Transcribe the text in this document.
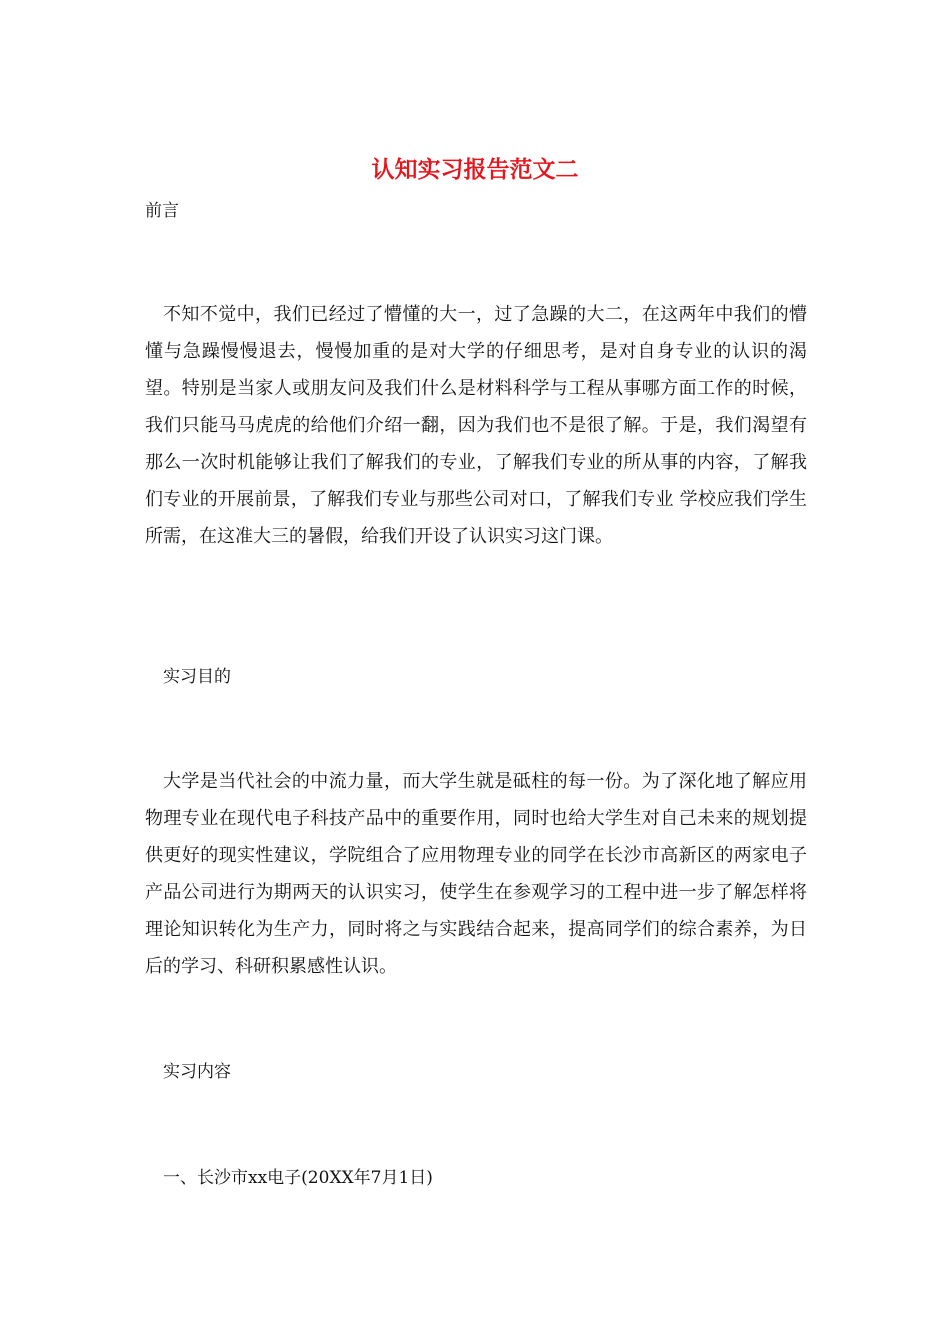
认知实习报告范文二

前言

不知不觉中，我们已经过了懵懂的大一，过了急躁的大二，在这两年中我们的懵懂与急躁慢慢退去，慢慢加重的是对大学的仔细思考，是对自身专业的认识的渴望。特别是当家人或朋友问及我们什么是材料科学与工程从事哪方面工作的时候，我们只能马马虎虎的给他们介绍一翻，因为我们也不是很了解。于是，我们渴望有那么一次时机能够让我们了解我们的专业，了解我们专业的所从事的内容，了解我们专业的开展前景，了解我们专业与那些公司对口，了解我们专业 学校应我们学生所需，在这准大三的暑假，给我们开设了认识实习这门课。

实习目的

大学是当代社会的中流力量，而大学生就是砥柱的每一份。为了深化地了解应用物理专业在现代电子科技产品中的重要作用，同时也给大学生对自己未来的规划提供更好的现实性建议，学院组合了应用物理专业的同学在长沙市高新区的两家电子产品公司进行为期两天的认识实习，使学生在参观学习的工程中进一步了解怎样将理论知识转化为生产力，同时将之与实践结合起来，提高同学们的综合素养，为日后的学习、科研积累感性认识。

实习内容

一、长沙市xx电子(20XX年7月1日)
